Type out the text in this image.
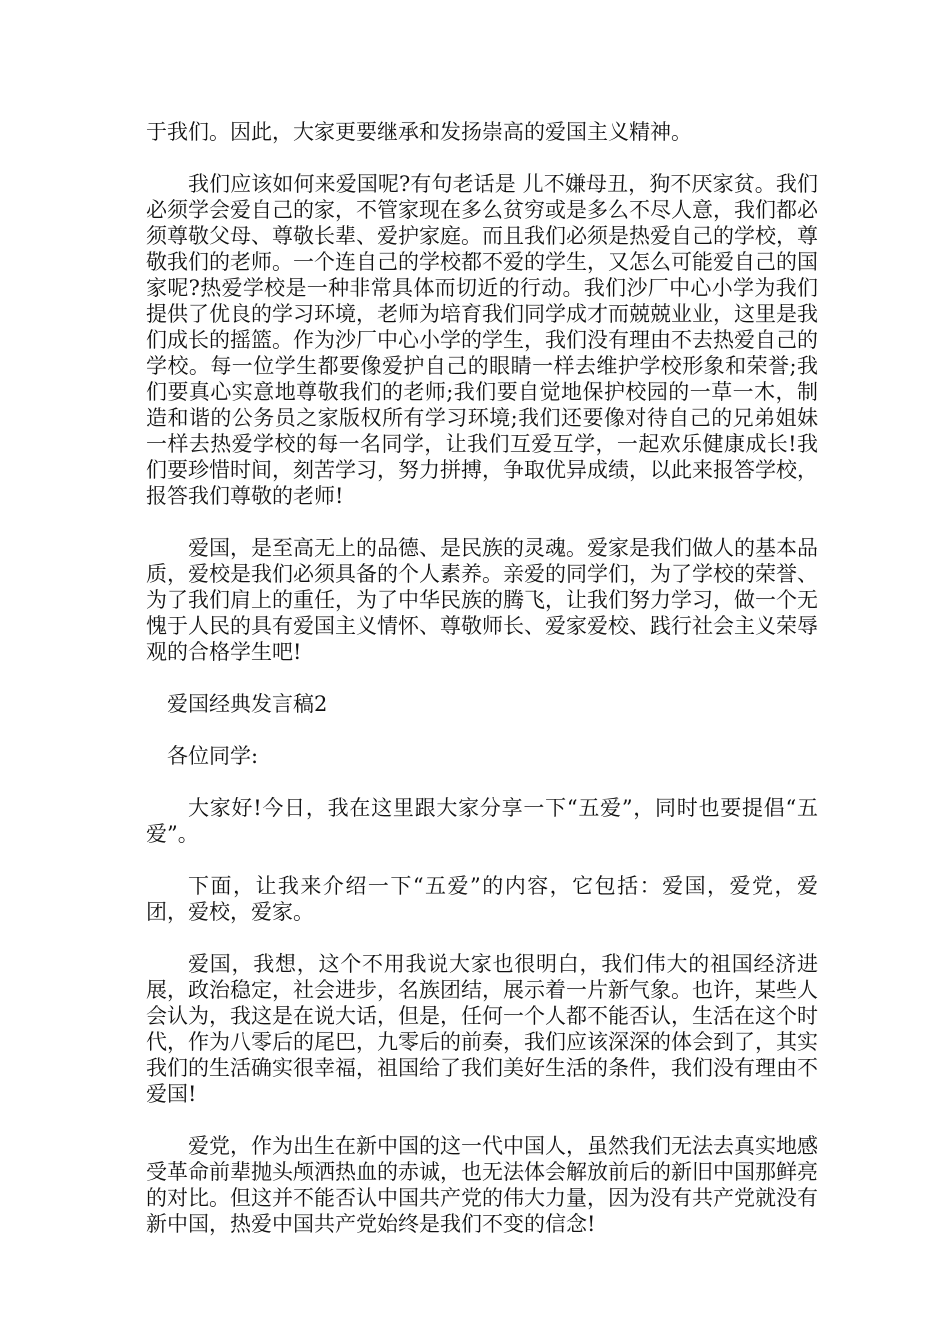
于我们。因此，大家更要继承和发扬崇高的爱国主义精神。

我们应该如何来爱国呢?有句老话是 儿不嫌母丑，狗不厌家贫。我们必须学会爱自己的家，不管家现在多么贫穷或是多么不尽人意，我们都必须尊敬父母、尊敬长辈、爱护家庭。而且我们必须是热爱自己的学校，尊敬我们的老师。一个连自己的学校都不爱的学生，又怎么可能爱自己的国家呢?热爱学校是一种非常具体而切近的行动。我们沙厂中心小学为我们提供了优良的学习环境，老师为培育我们同学成才而兢兢业业，这里是我们成长的摇篮。作为沙厂中心小学的学生，我们没有理由不去热爱自己的学校。每一位学生都要像爱护自己的眼睛一样去维护学校形象和荣誉;我们要真心实意地尊敬我们的老师;我们要自觉地保护校园的一草一木，制造和谐的公务员之家版权所有学习环境;我们还要像对待自己的兄弟姐妹一样去热爱学校的每一名同学，让我们互爱互学，一起欢乐健康成长!我们要珍惜时间，刻苦学习，努力拼搏，争取优异成绩，以此来报答学校，报答我们尊敬的老师!

爱国，是至高无上的品德、是民族的灵魂。爱家是我们做人的基本品质，爱校是我们必须具备的个人素养。亲爱的同学们，为了学校的荣誉、为了我们肩上的重任，为了中华民族的腾飞，让我们努力学习，做一个无愧于人民的具有爱国主义情怀、尊敬师长、爱家爱校、践行社会主义荣辱观的合格学生吧!

爱国经典发言稿2

各位同学:

大家好!今日，我在这里跟大家分享一下“五爱”，同时也要提倡“五爱”。

下面，让我来介绍一下“五爱”的内容，它包括：爱国，爱党，爱团，爱校，爱家。

爱国，我想，这个不用我说大家也很明白，我们伟大的祖国经济进展，政治稳定，社会进步，名族团结，展示着一片新气象。也许，某些人会认为，我这是在说大话，但是，任何一个人都不能否认，生活在这个时代，作为八零后的尾巴，九零后的前奏，我们应该深深的体会到了，其实我们的生活确实很幸福，祖国给了我们美好生活的条件，我们没有理由不爱国!

爱党，作为出生在新中国的这一代中国人，虽然我们无法去真实地感受革命前辈抛头颅洒热血的赤诚，也无法体会解放前后的新旧中国那鲜亮的对比。但这并不能否认中国共产党的伟大力量，因为没有共产党就没有新中国，热爱中国共产党始终是我们不变的信念!
